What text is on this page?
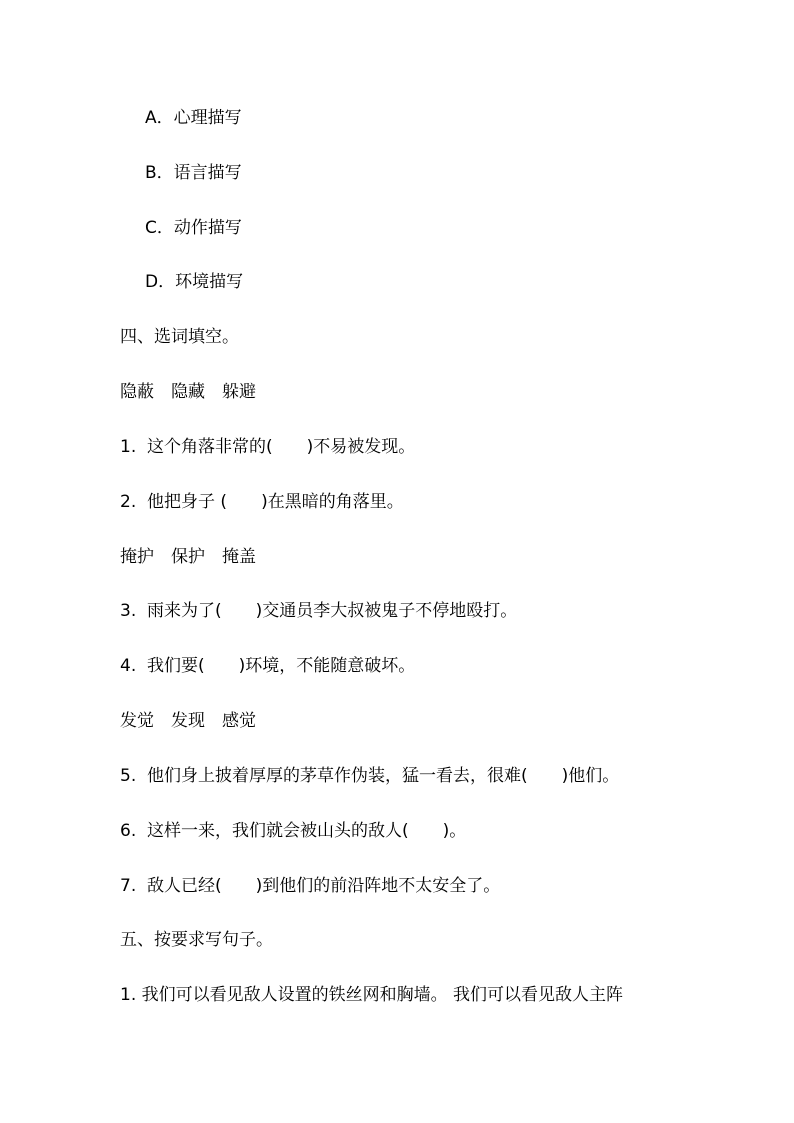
A．心理描写
B．语言描写
C．动作描写
D．环境描写
四、选词填空。
隐蔽　隐藏　躲避
1.  这个角落非常的(　　)不易被发现。
2.  他把身子 (　　)在黑暗的角落里。
掩护　保护　掩盖
3.  雨来为了(　　)交通员李大叔被鬼子不停地殴打。
4.  我们要(　　)环境，不能随意破坏。
发觉　发现　感觉
5.  他们身上披着厚厚的茅草作伪装，猛一看去，很难(　　)他们。
6.  这样一来，我们就会被山头的敌人(　　)。
7.  敌人已经(　　)到他们的前沿阵地不太安全了。
五、按要求写句子。
1. 我们可以看见敌人设置的铁丝网和胸墙。 我们可以看见敌人主阵
